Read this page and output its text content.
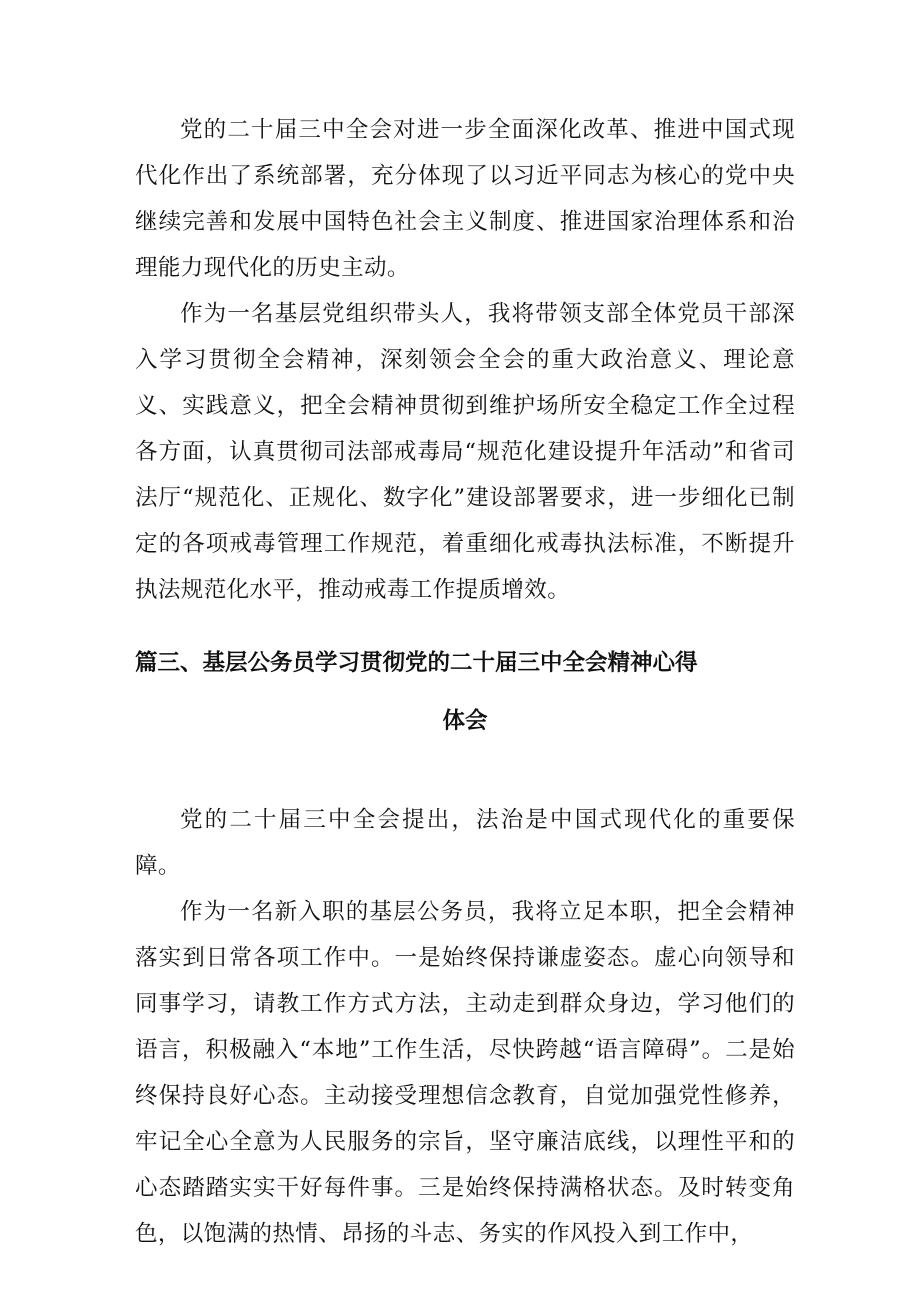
党的二十届三中全会对进一步全面深化改革、推进中国式现代化作出了系统部署，充分体现了以习近平同志为核心的党中央继续完善和发展中国特色社会主义制度、推进国家治理体系和治理能力现代化的历史主动。

作为一名基层党组织带头人，我将带领支部全体党员干部深入学习贯彻全会精神，深刻领会全会的重大政治意义、理论意义、实践意义，把全会精神贯彻到维护场所安全稳定工作全过程各方面，认真贯彻司法部戒毒局“规范化建设提升年活动”和省司法厅“规范化、正规化、数字化”建设部署要求，进一步细化已制定的各项戒毒管理工作规范，着重细化戒毒执法标准，不断提升执法规范化水平，推动戒毒工作提质增效。

篇三、基层公务员学习贯彻党的二十届三中全会精神心得
体会

党的二十届三中全会提出，法治是中国式现代化的重要保障。

作为一名新入职的基层公务员，我将立足本职，把全会精神落实到日常各项工作中。一是始终保持谦虚姿态。虚心向领导和同事学习，请教工作方式方法，主动走到群众身边，学习他们的语言，积极融入“本地”工作生活，尽快跨越“语言障碍”。二是始终保持良好心态。主动接受理想信念教育，自觉加强党性修养，牢记全心全意为人民服务的宗旨，坚守廉洁底线，以理性平和的心态踏踏实实干好每件事。三是始终保持满格状态。及时转变角色，以饱满的热情、昂扬的斗志、务实的作风投入到工作中，
